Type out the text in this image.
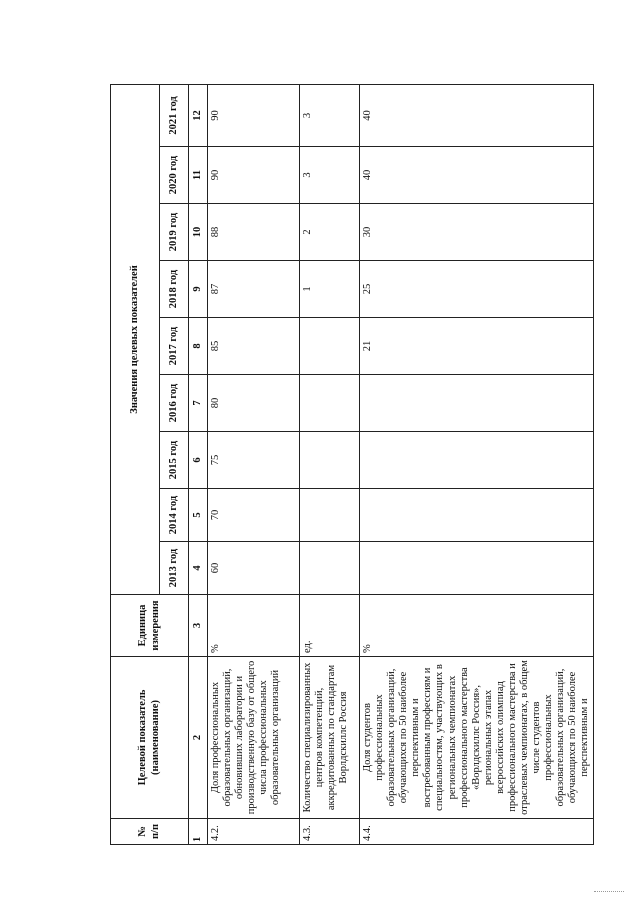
№ п/п	Целевой показатель (наименование)	Единица измерения	Значения целевых показателей								
			2013 год	2014 год	2015 год	2016 год	2017 год	2018 год	2019 год	2020 год	2021 год
1	2	3	4	5	6	7	8	9	10	11	12
4.2.	Доля профессиональных образовательных организаций, обновивших лаборатории и производственную базу от общего числа профессиональных образовательных организаций	%	60	70	75	80	85	87	88	90	90
4.3.	Количество специализированных центров компетенций, аккредитованных по стандартам Ворлдскиллс Россия	ед.						1	2	3	3
4.4.	Доля студентов профессиональных образовательных организаций, обучающихся по 50 наиболее перспективным и востребованным профессиям и специальностям, участвующих в региональных чемпионатах профессионального мастерства «Ворлдскиллс Россия», региональных этапах всероссийских олимпиад профессионального мастерства и отраслевых чемпионатах, в общем числе студентов профессиональных образовательных организаций, обучающихся по 50 наиболее перспективным и	%					21	25	30	40	40
